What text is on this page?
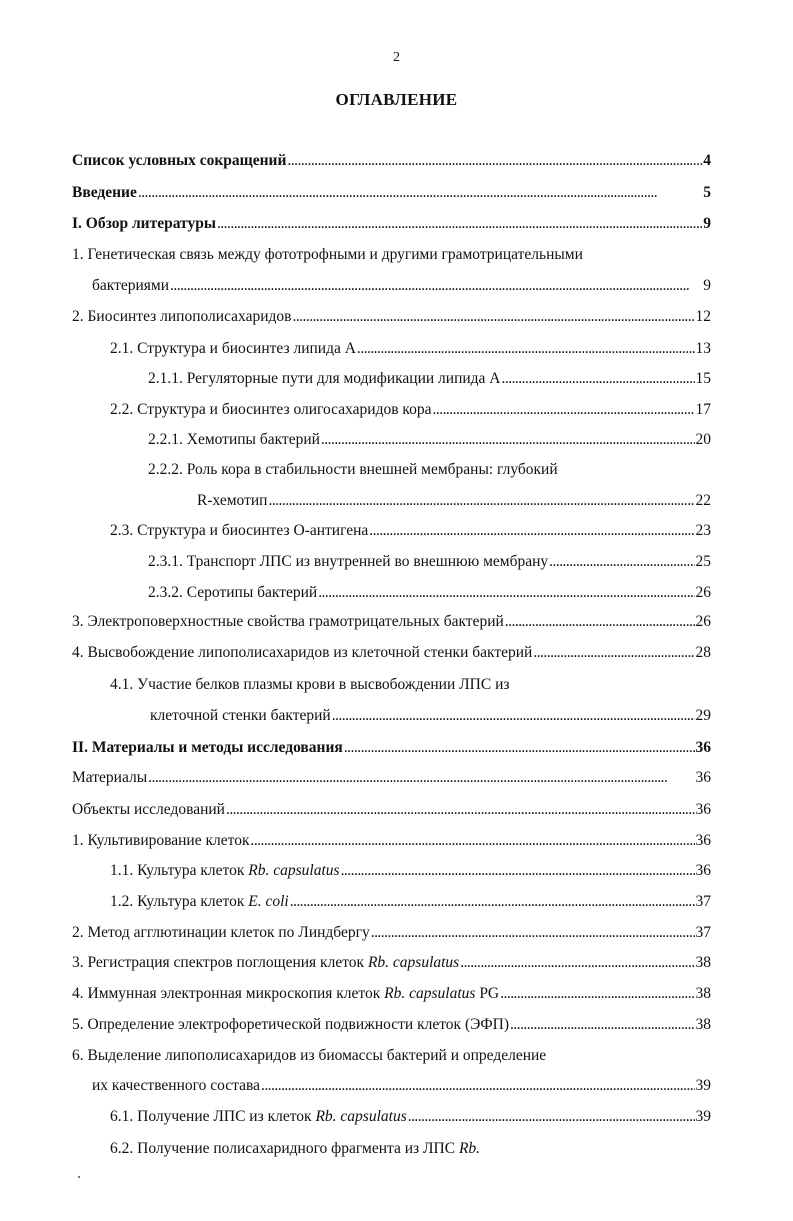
2
ОГЛАВЛЕНИЕ
Список условных сокращений . . .	4
Введение . . .	5
I. Обзор литературы . . .	9
1. Генетическая связь между фототрофными и другими грамотрицательными
бактериями . . .	9
2. Биосинтез липополисахаридов . . .	12
2.1. Структура и биосинтез липида А . . .	13
2.1.1. Регуляторные пути для модификации липида А . . .	15
2.2. Структура и биосинтез олигосахаридов кора . . .	17
2.2.1. Хемотипы бактерий . . .	20
2.2.2. Роль кора в стабильности внешней мембраны: глубокий
R-хемотип . . .	22
2.3. Структура и биосинтез О-антигена . . .	23
2.3.1. Транспорт ЛПС из внутренней во внешнюю мембрану . . .	25
2.3.2. Серотипы бактерий . . .	26
3. Электроповерхностные свойства грамотрицательных бактерий . . .	26
4. Высвобождение липополисахаридов из клеточной стенки бактерий . . .	28
4.1. Участие белков плазмы крови в высвобождении ЛПС из
клеточной стенки бактерий . . .	29
II. Материалы и методы исследования . . .	36
Материалы . . .	36
Объекты исследований . . .	36
1. Культивирование клеток . . .	36
1.1. Культура клеток Rb. capsulatus . . .	36
1.2. Культура клеток E. coli . . .	37
2. Метод агглютинации клеток по Линдбергу . . .	37
3. Регистрация спектров поглощения клеток Rb. capsulatus . . .	38
4. Иммунная электронная микроскопия клеток Rb. capsulatus PG . . .	38
5. Определение электрофоретической подвижности клеток (ЭФП) . . .	38
6. Выделение липополисахаридов из биомассы бактерий и определение
их качественного состава . . .	39
6.1. Получение ЛПС из клеток Rb. capsulatus . . .	39
6.2. Получение полисахаридного фрагмента из ЛПС Rb.
